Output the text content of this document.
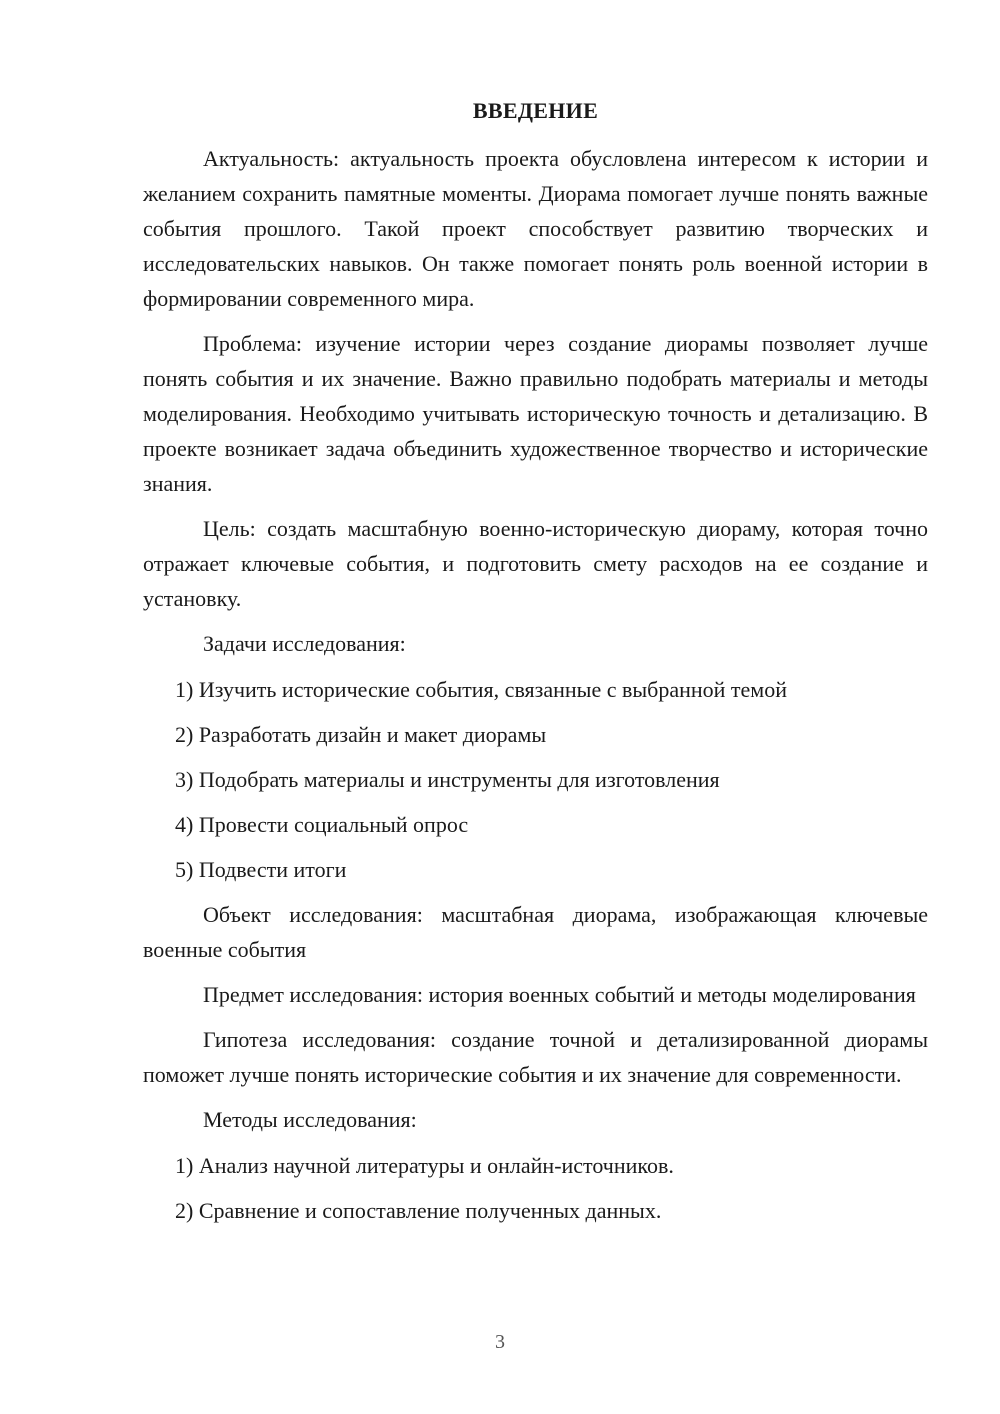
ВВЕДЕНИЕ

Актуальность: актуальность проекта обусловлена интересом к истории и желанием сохранить памятные моменты. Диорама помогает лучше понять важные события прошлого. Такой проект способствует развитию творческих и исследовательских навыков. Он также помогает понять роль военной истории в формировании современного мира.

Проблема: изучение истории через создание диорамы позволяет лучше понять события и их значение. Важно правильно подобрать материалы и методы моделирования. Необходимо учитывать историческую точность и детализацию. В проекте возникает задача объединить художественное творчество и исторические знания.

Цель: создать масштабную военно-историческую диораму, которая точно отражает ключевые события, и подготовить смету расходов на ее создание и установку.

Задачи исследования:
1) Изучить исторические события, связанные с выбранной темой
2) Разработать дизайн и макет диорамы
3) Подобрать материалы и инструменты для изготовления
4) Провести социальный опрос
5) Подвести итоги

Объект исследования: масштабная диорама, изображающая ключевые военные события

Предмет исследования: история военных событий и методы моделирования

Гипотеза исследования: создание точной и детализированной диорамы поможет лучше понять исторические события и их значение для современности.

Методы исследования:
1) Анализ научной литературы и онлайн-источников.
2) Сравнение и сопоставление полученных данных.
3
